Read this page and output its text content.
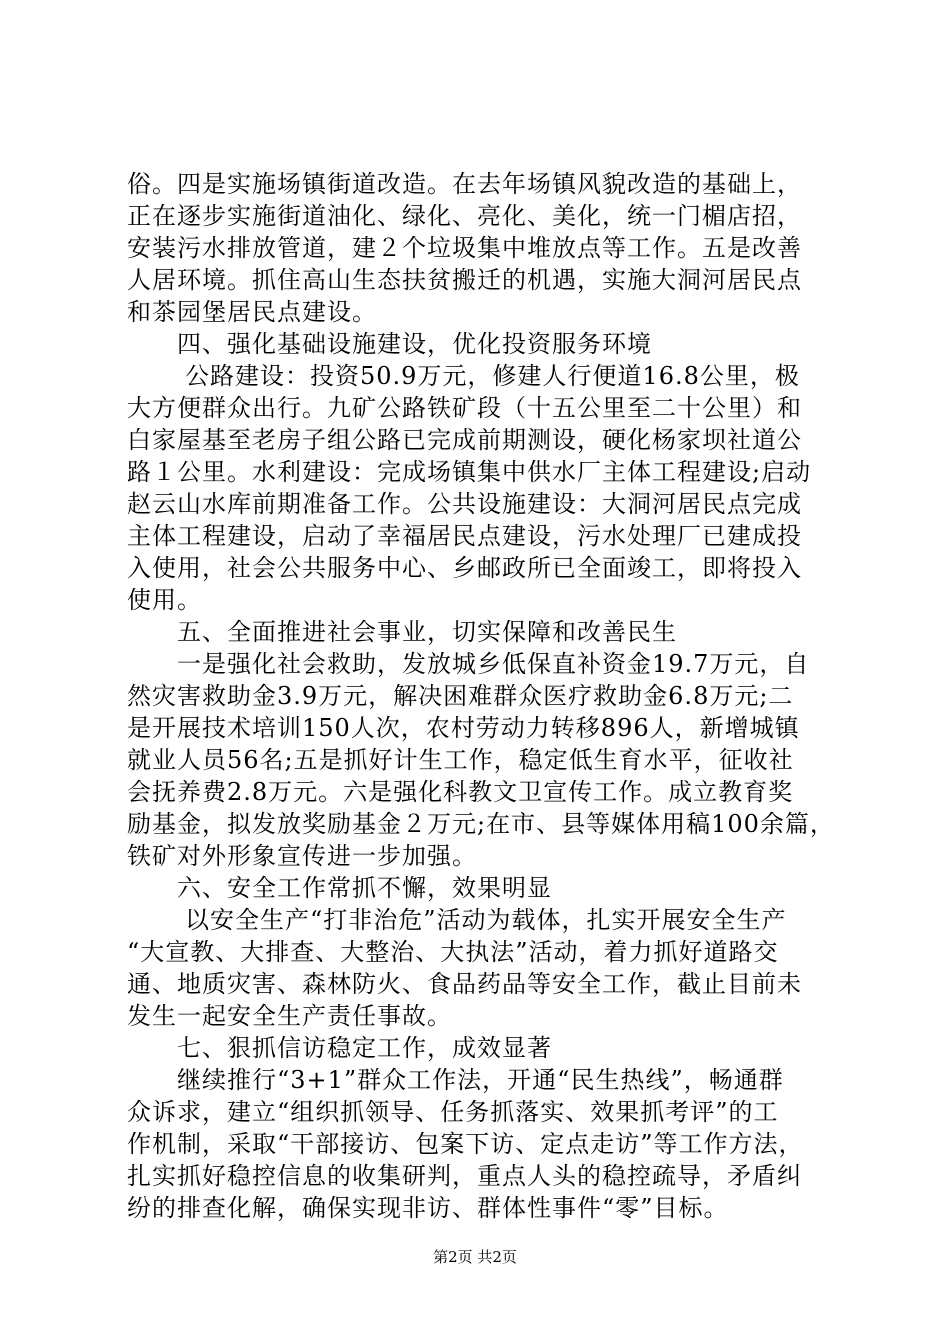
俗。四是实施场镇街道改造。在去年场镇风貌改造的基础上，
正在逐步实施街道油化、绿化、亮化、美化，统一门楣店招，
安装污水排放管道，建２个垃圾集中堆放点等工作。五是改善
人居环境。抓住高山生态扶贫搬迁的机遇，实施大洞河居民点
和茶园堡居民点建设。
四、强化基础设施建设，优化投资服务环境
公路建设：投资50.9万元，修建人行便道16.8公里，极
大方便群众出行。九矿公路铁矿段（十五公里至二十公里）和
白家屋基至老房子组公路已完成前期测设，硬化杨家坝社道公
路１公里。水利建设：完成场镇集中供水厂主体工程建设;启动
赵云山水库前期准备工作。公共设施建设：大洞河居民点完成
主体工程建设，启动了幸福居民点建设，污水处理厂已建成投
入使用，社会公共服务中心、乡邮政所已全面竣工，即将投入
使用。
五、全面推进社会事业，切实保障和改善民生
一是强化社会救助，发放城乡低保直补资金19.7万元，自
然灾害救助金3.9万元，解决困难群众医疗救助金6.8万元;二
是开展技术培训150人次，农村劳动力转移896人，新增城镇
就业人员56名;五是抓好计生工作，稳定低生育水平，征收社
会抚养费2.8万元。六是强化科教文卫宣传工作。成立教育奖
励基金，拟发放奖励基金２万元;在市、县等媒体用稿100余篇，
铁矿对外形象宣传进一步加强。
六、安全工作常抓不懈，效果明显
以安全生产“打非治危”活动为载体，扎实开展安全生产
“大宣教、大排查、大整治、大执法”活动，着力抓好道路交
通、地质灾害、森林防火、食品药品等安全工作，截止目前未
发生一起安全生产责任事故。
七、狠抓信访稳定工作，成效显著
继续推行“3+1”群众工作法，开通“民生热线”，畅通群
众诉求，建立“组织抓领导、任务抓落实、效果抓考评”的工
作机制，采取“干部接访、包案下访、定点走访”等工作方法，
扎实抓好稳控信息的收集研判，重点人头的稳控疏导，矛盾纠
纷的排查化解，确保实现非访、群体性事件“零”目标。
第2页 共2页
